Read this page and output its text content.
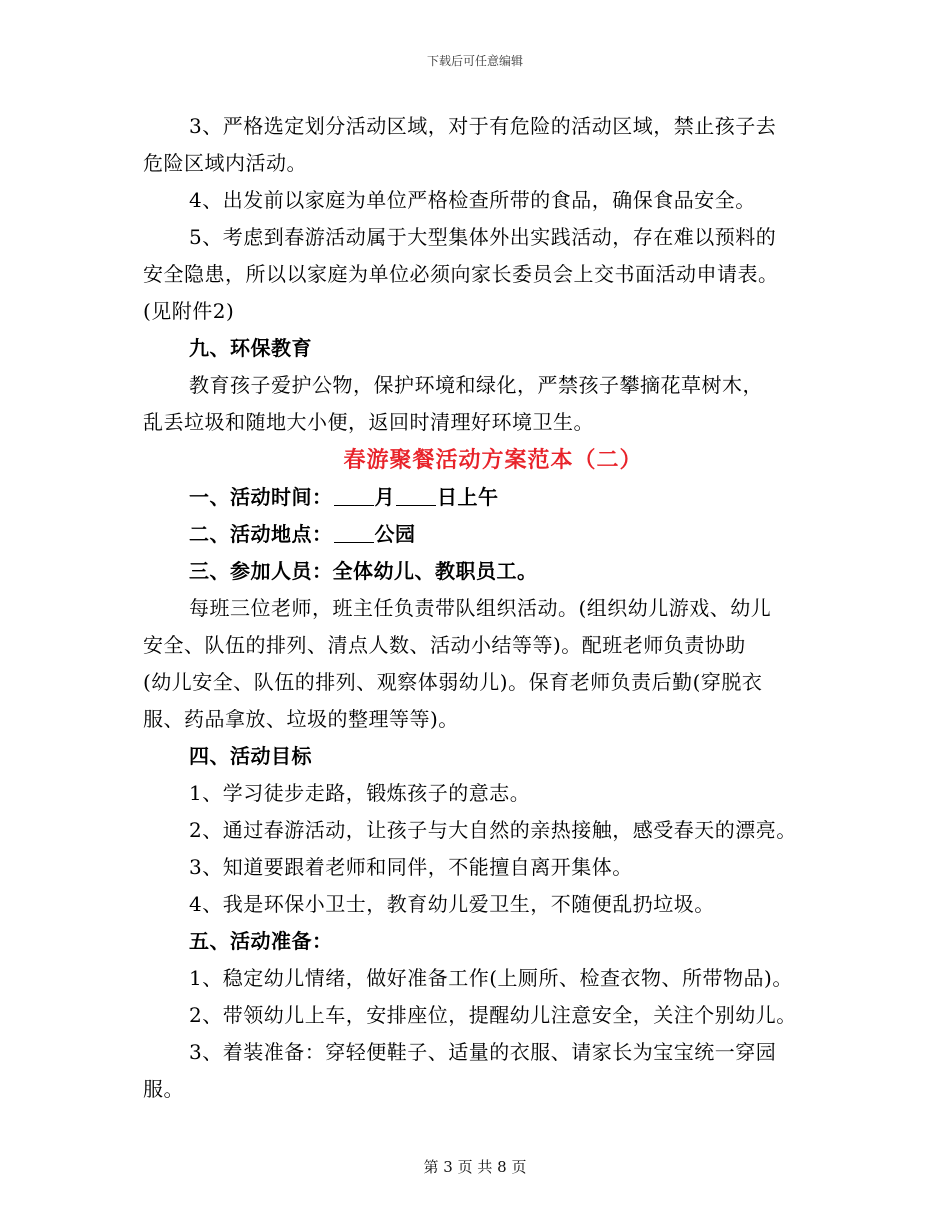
下载后可任意编辑
3、严格选定划分活动区域，对于有危险的活动区域，禁止孩子去
危险区域内活动。
4、出发前以家庭为单位严格检查所带的食品，确保食品安全。
5、考虑到春游活动属于大型集体外出实践活动，存在难以预料的
安全隐患，所以以家庭为单位必须向家长委员会上交书面活动申请表。
(见附件2)
九、环保教育
教育孩子爱护公物，保护环境和绿化，严禁孩子攀摘花草树木，
乱丢垃圾和随地大小便，返回时清理好环境卫生。
春游聚餐活动方案范本（二）
一、活动时间： 月 日上午
二、活动地点： 公园
三、参加人员：全体幼儿、教职员工。
每班三位老师，班主任负责带队组织活动。(组织幼儿游戏、幼儿
安全、队伍的排列、清点人数、活动小结等等)。配班老师负责协助
(幼儿安全、队伍的排列、观察体弱幼儿)。保育老师负责后勤(穿脱衣
服、药品拿放、垃圾的整理等等)。
四、活动目标
1、学习徒步走路，锻炼孩子的意志。
2、通过春游活动，让孩子与大自然的亲热接触，感受春天的漂亮。
3、知道要跟着老师和同伴，不能擅自离开集体。
4、我是环保小卫士，教育幼儿爱卫生，不随便乱扔垃圾。
五、活动准备：
1、稳定幼儿情绪，做好准备工作(上厕所、检查衣物、所带物品)。
2、带领幼儿上车，安排座位，提醒幼儿注意安全，关注个别幼儿。
3、着装准备：穿轻便鞋子、适量的衣服、请家长为宝宝统一穿园
服。
第 3 页 共 8 页
